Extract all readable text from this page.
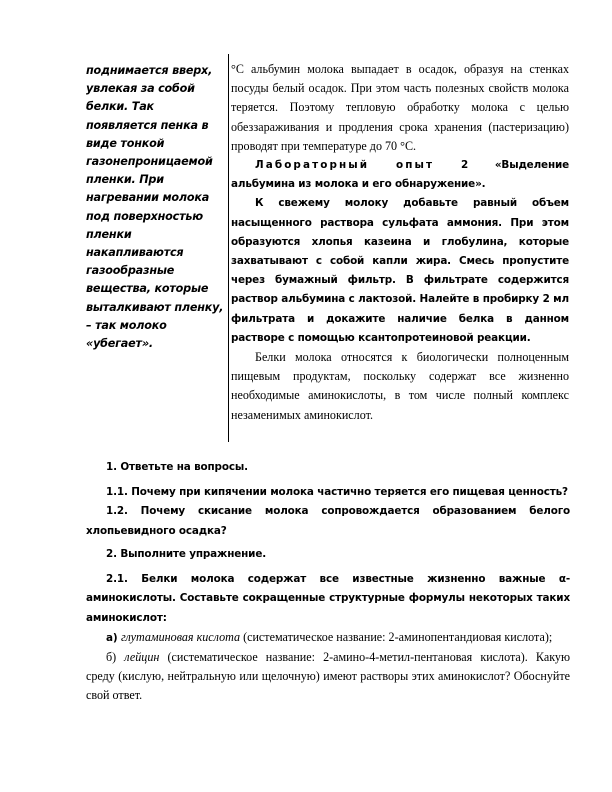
поднимается вверх, увлекая за собой белки. Так появляется пенка в виде тонкой газонепроницаемой пленки. При нагревании молока под поверхностью пленки накапливаются газообразные вещества, которые выталкивают пленку, – так молоко «убегает».

°С альбумин молока выпадает в осадок, образуя на стенках посуды белый осадок. При этом часть полезных свойств молока теряется. Поэтому тепловую обработку молока с целью обеззараживания и продления срока хранения (пастеризацию) проводят при температуре до 70 °С.

Лабораторный опыт 2 «Выделение альбумина из молока и его обнаружение».

К свежему молоку добавьте равный объем насыщенного раствора сульфата аммония. При этом образуются хлопья казеина и глобулина, которые захватывают с собой капли жира. Смесь пропустите через бумажный фильтр. В фильтрате содержится раствор альбумина с лактозой. Налейте в пробирку 2 мл фильтрата и докажите наличие белка в данном растворе с помощью ксантопротеиновой реакции.

Белки молока относятся к биологически полноценным пищевым продуктам, поскольку содержат все жизненно необходимые аминокислоты, в том числе полный комплекс незаменимых аминокислот.

1. Ответьте на вопросы.

1.1. Почему при кипячении молока частично теряется его пищевая ценность?

1.2. Почему скисание молока сопровождается образованием белого хлопьевидного осадка?

2. Выполните упражнение.

2.1. Белки молока содержат все известные жизненно важные α-аминокислоты. Составьте сокращенные структурные формулы некоторых таких аминокислот:

а) глутаминовая кислота (систематическое название: 2-аминопентандиовая кислота);

б) лейцин (систематическое название: 2-амино-4-метил-пентановая кислота). Какую среду (кислую, нейтральную или щелочную) имеют растворы этих аминокислот? Обоснуйте свой ответ.
